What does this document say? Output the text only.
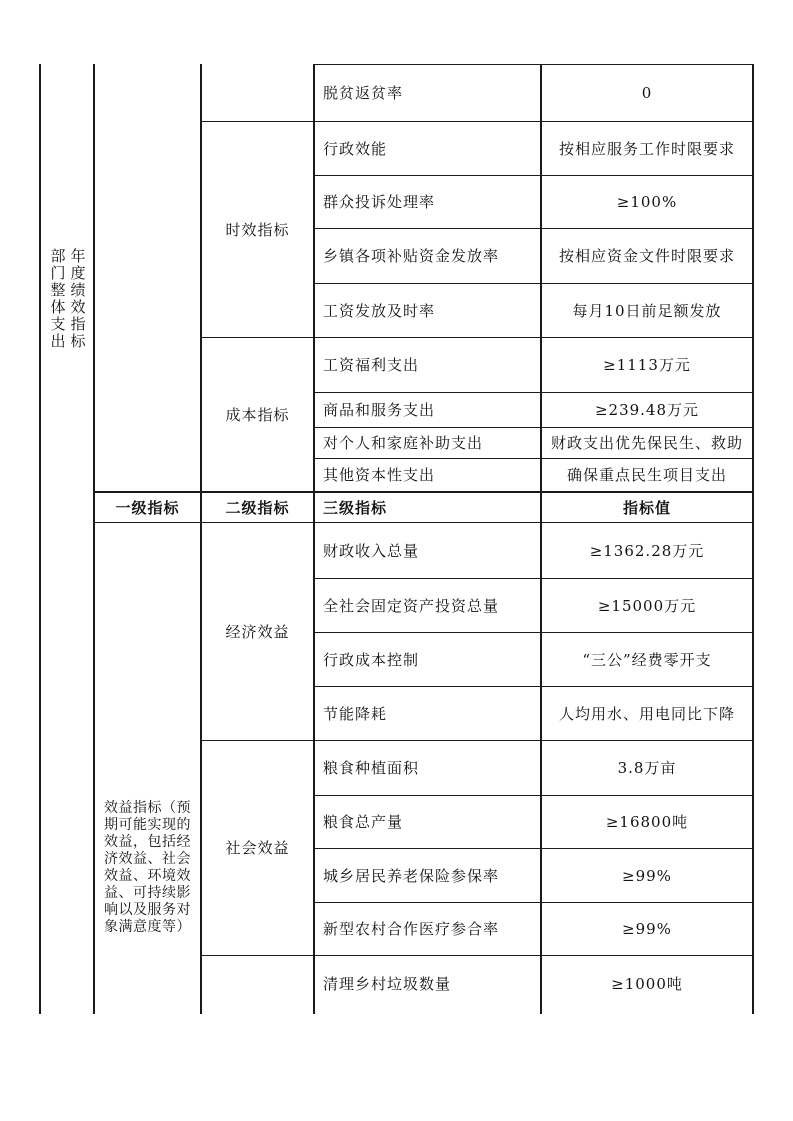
部门整体支出
年度绩效指标
脱贫返贫率	0
时效指标
行政效能	按相应服务工作时限要求
群众投诉处理率	≥100%
乡镇各项补贴资金发放率	按相应资金文件时限要求
工资发放及时率	每月10日前足额发放
成本指标
工资福利支出	≥1113万元
商品和服务支出	≥239.48万元
对个人和家庭补助支出	财政支出优先保民生、救助
其他资本性支出	确保重点民生项目支出
一级指标	二级指标	三级指标	指标值
效益指标（预期可能实现的效益，包括经济效益、社会效益、环境效益、可持续影响以及服务对象满意度等）
经济效益
财政收入总量	≥1362.28万元
全社会固定资产投资总量	≥15000万元
行政成本控制	“三公”经费零开支
节能降耗	人均用水、用电同比下降
社会效益
粮食种植面积	3.8万亩
粮食总产量	≥16800吨
城乡居民养老保险参保率	≥99%
新型农村合作医疗参合率	≥99%
清理乡村垃圾数量	≥1000吨
